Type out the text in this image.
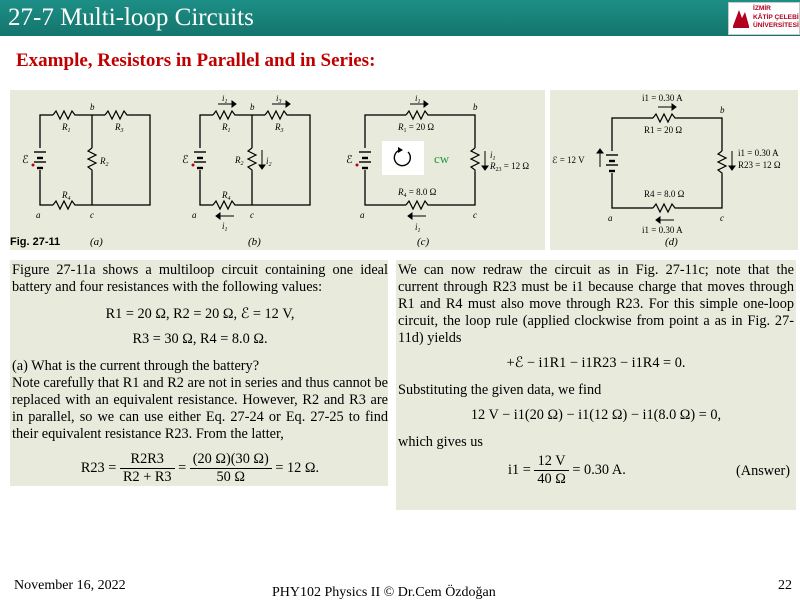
27-7 Multi-loop Circuits	İZMİR
KÂTİP ÇELEBİ
ÜNİVERSİTESİ
Example, Resistors in Parallel and in Series:
$R_1$	$R_3$
$R_2$
$R_4$
b
a	c
ℰ
$i_1$	$i_3$
$R_1$	$R_3$
$R_2$	$i_2$
$R_4$
$i_1$
b
a	c
ℰ	cw
$i_1$
$R_1 = 20$ Ω
$i_1$
$R_{23} = 12$ Ω
$R_4 = 8.0$ Ω
$i_1$
b
a	c
ℰ
i1 = 0.30 A
R1 = 20 Ω
i1 = 0.30 A
R23 = 12 Ω
ℰ = 12 V
R4 = 8.0 Ω
i1 = 0.30 A
b
a	c
Fig. 27-11	(a)	(b)	(c)	(d)
Figure 27-11a shows a multiloop circuit containing one ideal battery and four resistances with the following values:
R1 = 20 Ω, R2 = 20 Ω, ℰ = 12 V,
R3 = 30 Ω, R4 = 8.0 Ω.
(a) What is the current through the battery?
Note carefully that R1 and R2 are not in series and thus cannot be replaced with an equivalent resistance. However, R2 and R3 are in parallel, so we can use either Eq. 27-24 or Eq. 27-25 to find their equivalent resistance R23. From the latter,
$R23 = \frac{R2R3}{R2 + R3} = \frac{(20 \Omega)(30 \Omega)}{50 \Omega} = 12$ Ω.
We can now redraw the circuit as in Fig. 27-11c; note that the current through R23 must be i1 because charge that moves through R1 and R4 must also move through R23. For this simple one-loop circuit, the loop rule (applied clockwise from point a as in Fig. 27-11d) yields
+ℰ − i1R1 − i1R23 − i1R4 = 0.
Substituting the given data, we find
12 V − i1(20 Ω) − i1(12 Ω) − i1(8.0 Ω) = 0,
which gives us
$i1 = \frac{12 V}{40 \Omega} = 0.30$ A.	(Answer)
November 16, 2022	PHY102 Physics II © Dr.Cem Özdoğan	22
